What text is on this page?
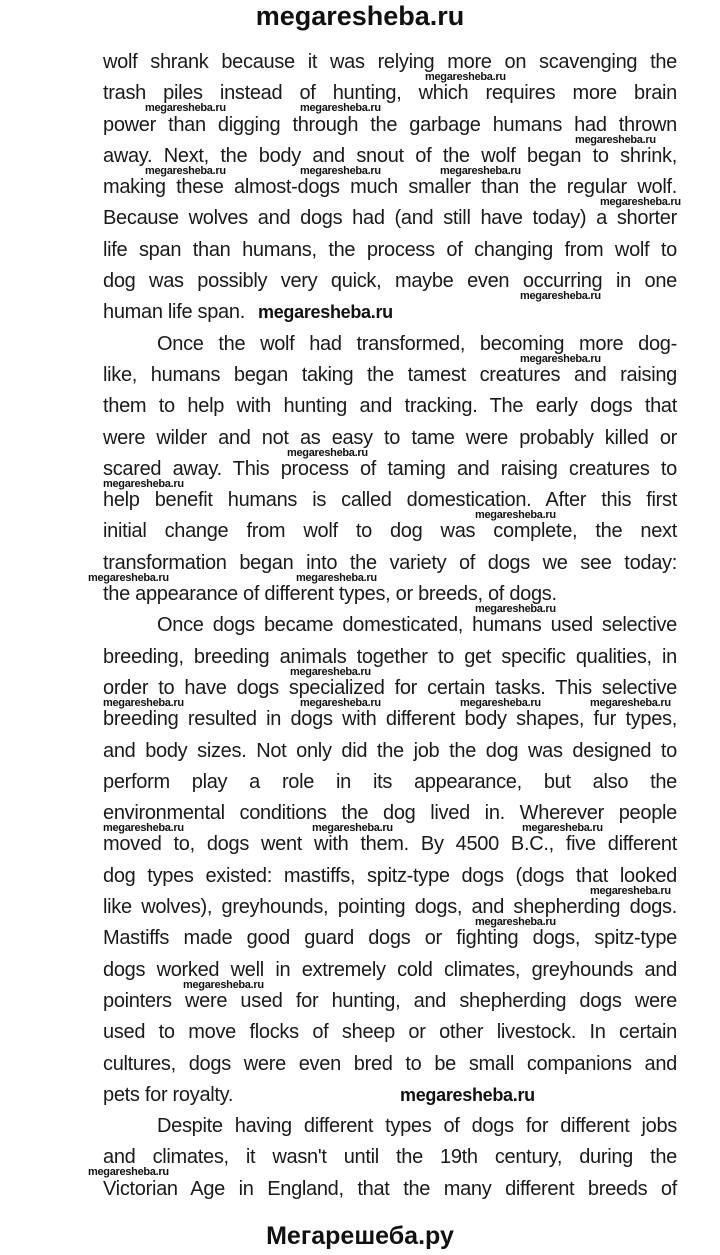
megaresheba.ru
wolf shrank because it was relying more on scavenging the
trash piles instead of hunting, which requires more brain
power than digging through the garbage humans had thrown
away. Next, the body and snout of the wolf began to shrink,
making these almost-dogs much smaller than the regular wolf.
Because wolves and dogs had (and still have today) a shorter
life span than humans, the process of changing from wolf to
dog was possibly very quick, maybe even occurring in one
human life span.
Once the wolf had transformed, becoming more dog-
like, humans began taking the tamest creatures and raising
them to help with hunting and tracking. The early dogs that
were wilder and not as easy to tame were probably killed or
scared away. This process of taming and raising creatures to
help benefit humans is called domestication. After this first
initial change from wolf to dog was complete, the next
transformation began into the variety of dogs we see today:
the appearance of different types, or breeds, of dogs.
Once dogs became domesticated, humans used selective
breeding, breeding animals together to get specific qualities, in
order to have dogs specialized for certain tasks. This selective
breeding resulted in dogs with different body shapes, fur types,
and body sizes. Not only did the job the dog was designed to
perform play a role in its appearance, but also the
environmental conditions the dog lived in. Wherever people
moved to, dogs went with them. By 4500 B.C., five different
dog types existed: mastiffs, spitz-type dogs (dogs that looked
like wolves), greyhounds, pointing dogs, and shepherding dogs.
Mastiffs made good guard dogs or fighting dogs, spitz-type
dogs worked well in extremely cold climates, greyhounds and
pointers were used for hunting, and shepherding dogs were
used to move flocks of sheep or other livestock. In certain
cultures, dogs were even bred to be small companions and
pets for royalty.
Despite having different types of dogs for different jobs
and climates, it wasn't until the 19th century, during the
Victorian Age in England, that the many different breeds of
megaresheba.ru
megaresheba.ru	megaresheba.ru
megaresheba.ru
megaresheba.ru	megaresheba.ru	megaresheba.ru
megaresheba.ru
megaresheba.ru
megaresheba.ru
megaresheba.ru
megaresheba.ru
megaresheba.ru
megaresheba.ru	megaresheba.ru
megaresheba.ru
megaresheba.ru
megaresheba.ru	megaresheba.ru	megaresheba.ru	megaresheba.ru
megaresheba.ru	megaresheba.ru	megaresheba.ru
megaresheba.ru
megaresheba.ru
megaresheba.ru
megaresheba.ru
megaresheba.ru
megaresheba.ru
Мегарешеба.ру
